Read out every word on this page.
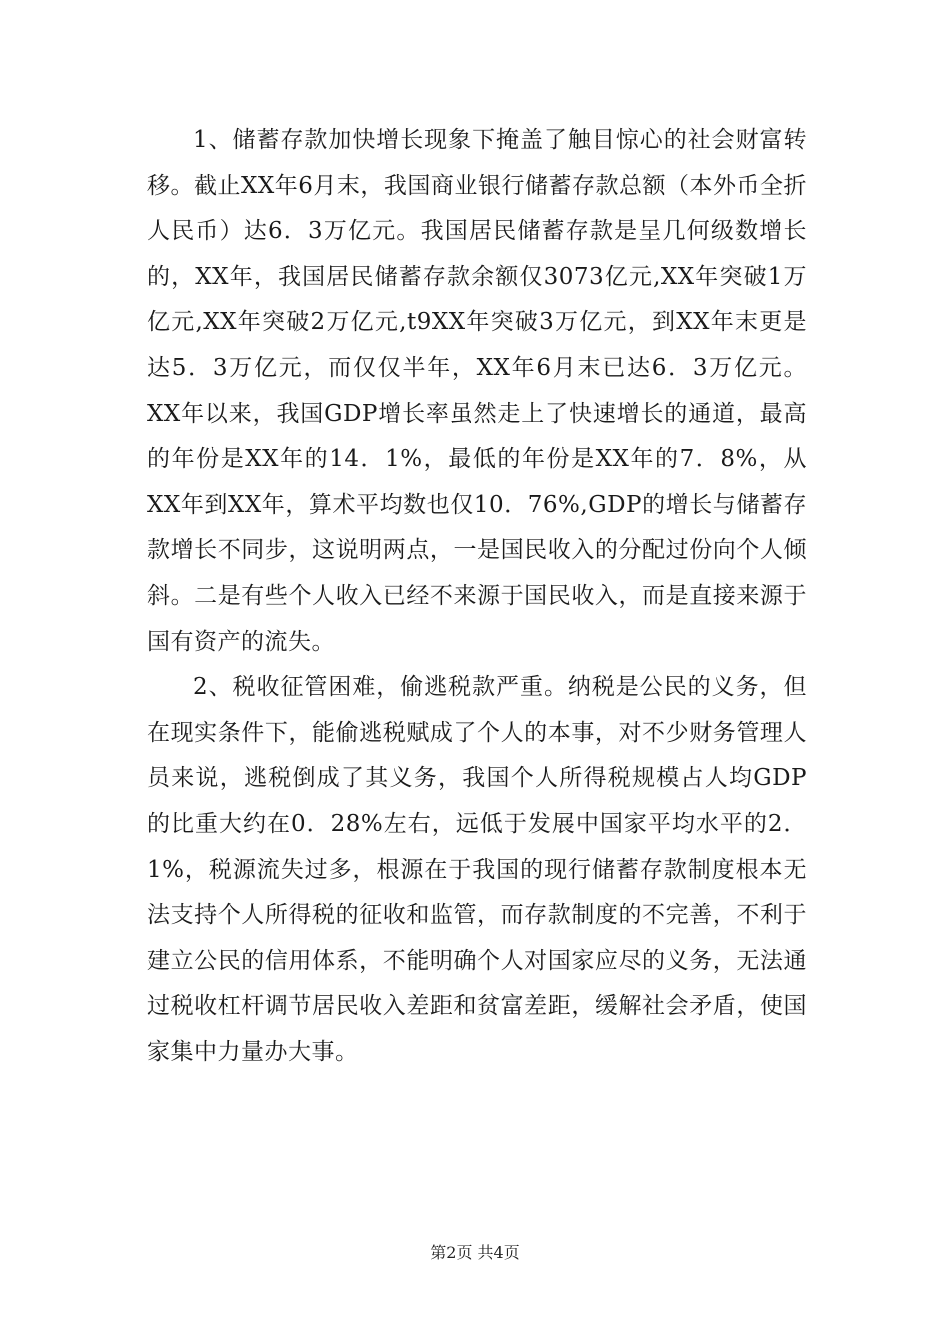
1、储蓄存款加快增长现象下掩盖了触目惊心的社会财富转移。截止XX年6月末，我国商业银行储蓄存款总额（本外币全折人民币）达6．3万亿元。我国居民储蓄存款是呈几何级数增长的，XX年，我国居民储蓄存款余额仅3073亿元,XX年突破1万亿元,XX年突破2万亿元,t9XX年突破3万亿元，到XX年末更是达5．3万亿元，而仅仅半年，XX年6月末已达6．3万亿元。XX年以来，我国GDP增长率虽然走上了快速增长的通道，最高的年份是XX年的14．1%，最低的年份是XX年的7．8%，从XX年到XX年，算术平均数也仅10．76%,GDP的增长与储蓄存款增长不同步，这说明两点，一是国民收入的分配过份向个人倾斜。二是有些个人收入已经不来源于国民收入，而是直接来源于国有资产的流失。

2、税收征管困难，偷逃税款严重。纳税是公民的义务，但在现实条件下，能偷逃税赋成了个人的本事，对不少财务管理人员来说，逃税倒成了其义务，我国个人所得税规模占人均GDP的比重大约在0．28%左右，远低于发展中国家平均水平的2．1%，税源流失过多，根源在于我国的现行储蓄存款制度根本无法支持个人所得税的征收和监管，而存款制度的不完善，不利于建立公民的信用体系，不能明确个人对国家应尽的义务，无法通过税收杠杆调节居民收入差距和贫富差距，缓解社会矛盾，使国家集中力量办大事。

第2页 共4页
